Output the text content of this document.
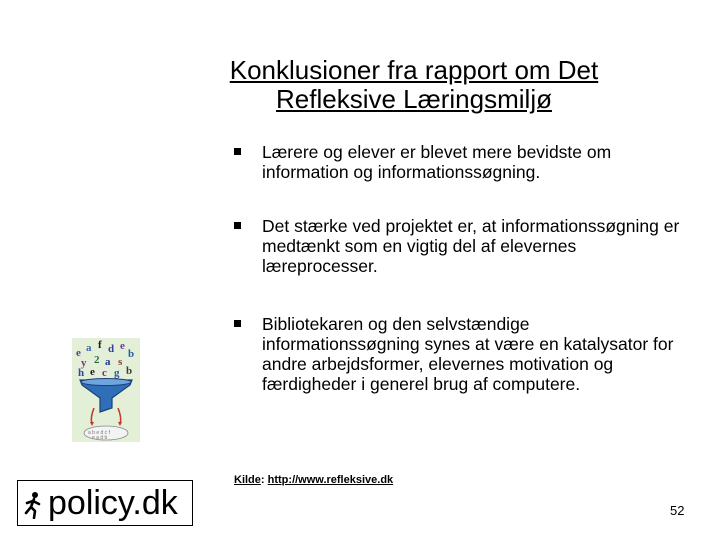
Konklusioner fra rapport om Det
Refleksive Læringsmiljø
Lærere og elever er blevet mere bevidste om information og informationssøgning.
Det stærke ved projektet er, at informationssøgning er medtænkt som en vigtig del af elevernes læreprocesser.
Bibliotekaren og den selvstændige informationssøgning synes at være en katalysator for andre arbejdsformer, elevernes motivation og færdigheder i generel brug af computere.
Kilde: http://www.refleksive.dk
e a f d e
b
y 2 a s
h e c g b
a b e d c f
e a d b
policy.dk	52
